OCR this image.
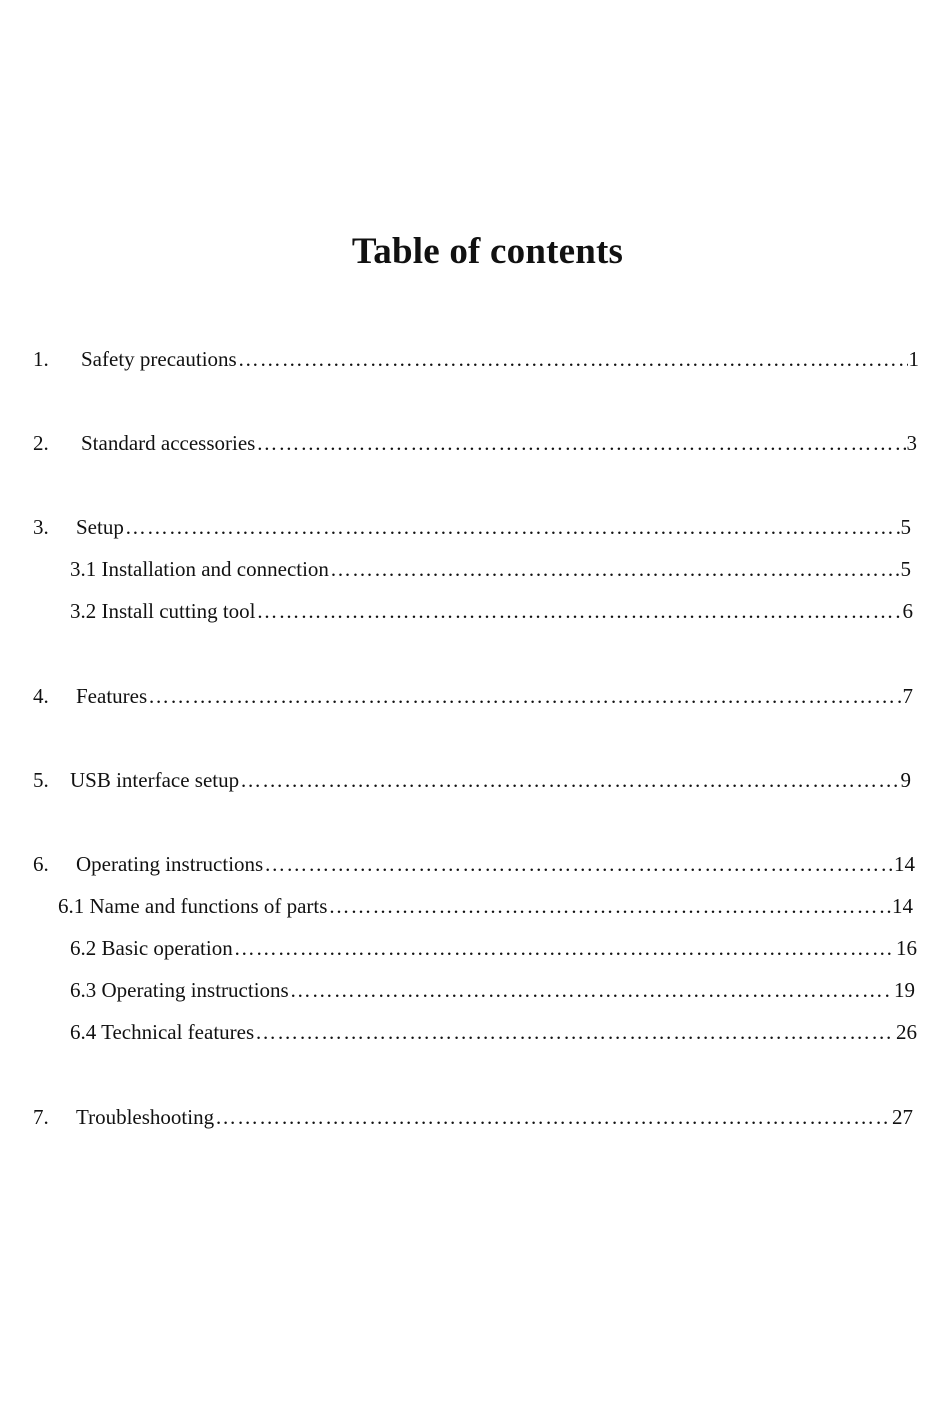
Table of contents
1.	Safety precautions …………………………………………………………………………………………………………………………………………………………	1
2.	Standard accessories …………………………………………………………………………………………………………………………………………………………	3
3.	Setup …………………………………………………………………………………………………………………………………………………………	5
3.1 Installation and connection …………………………………………………………………………………………………………………………………………………………	5
3.2 Install cutting tool …………………………………………………………………………………………………………………………………………………………	6
4.	Features …………………………………………………………………………………………………………………………………………………………	7
5.	USB interface setup …………………………………………………………………………………………………………………………………………………………	9
6.	Operating instructions …………………………………………………………………………………………………………………………………………………………	14
6.1 Name and functions of parts …………………………………………………………………………………………………………………………………………………………	14
6.2 Basic operation …………………………………………………………………………………………………………………………………………………………	16
6.3 Operating instructions …………………………………………………………………………………………………………………………………………………………	19
6.4 Technical features …………………………………………………………………………………………………………………………………………………………	26
7.	Troubleshooting …………………………………………………………………………………………………………………………………………………………	27
